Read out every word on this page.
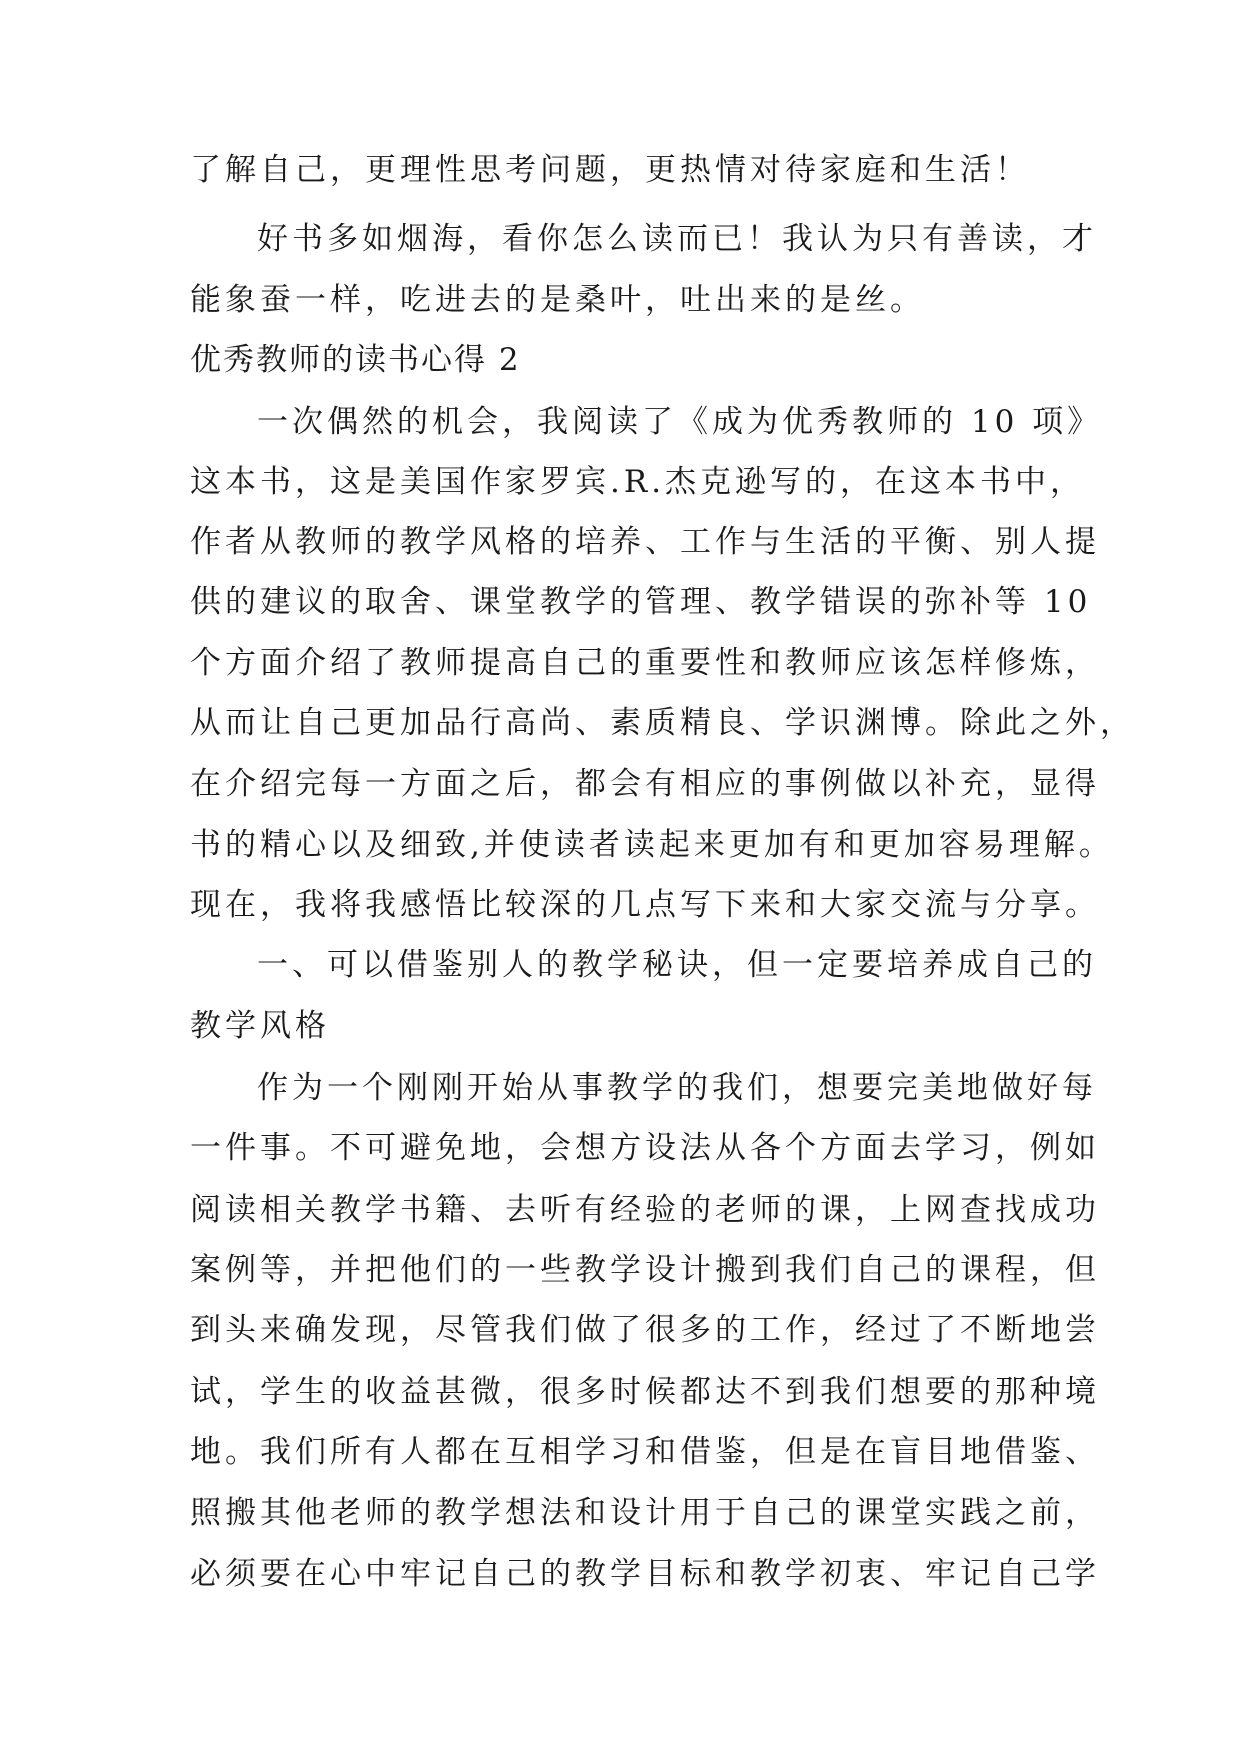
了解自己，更理性思考问题，更热情对待家庭和生活！
好书多如烟海，看你怎么读而已！我认为只有善读，才
能象蚕一样，吃进去的是桑叶，吐出来的是丝。
优秀教师的读书心得 2
一次偶然的机会，我阅读了《成为优秀教师的 10 项》
这本书，这是美国作家罗宾.R.杰克逊写的，在这本书中，
作者从教师的教学风格的培养、工作与生活的平衡、别人提
供的建议的取舍、课堂教学的管理、教学错误的弥补等 10
个方面介绍了教师提高自己的重要性和教师应该怎样修炼，
从而让自己更加品行高尚、素质精良、学识渊博。除此之外，
在介绍完每一方面之后，都会有相应的事例做以补充，显得
书的精心以及细致,并使读者读起来更加有和更加容易理解。
现在，我将我感悟比较深的几点写下来和大家交流与分享。
一、可以借鉴别人的教学秘诀，但一定要培养成自己的
教学风格
作为一个刚刚开始从事教学的我们，想要完美地做好每
一件事。不可避免地，会想方设法从各个方面去学习，例如
阅读相关教学书籍、去听有经验的老师的课，上网查找成功
案例等，并把他们的一些教学设计搬到我们自己的课程，但
到头来确发现，尽管我们做了很多的工作，经过了不断地尝
试，学生的收益甚微，很多时候都达不到我们想要的那种境
地。我们所有人都在互相学习和借鉴，但是在盲目地借鉴、
照搬其他老师的教学想法和设计用于自己的课堂实践之前，
必须要在心中牢记自己的教学目标和教学初衷、牢记自己学
